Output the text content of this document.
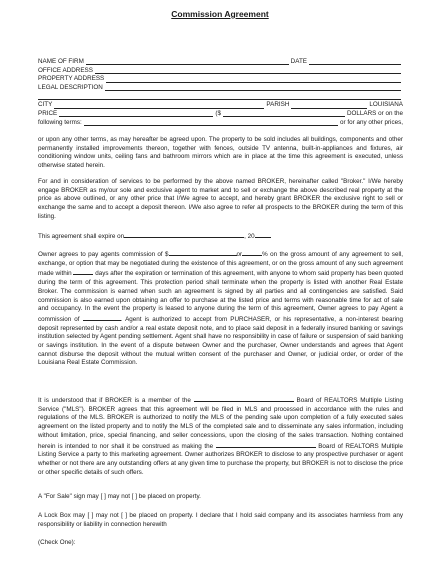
Commission Agreement
NAME OF FIRM	DATE
OFFICE ADDRESS
PROPERTY ADDRESS
LEGAL DESCRIPTION
CITY	PARISH	LOUISIANA
PRICE	($	DOLLARS or on the
following terms:	or for any other prices,

or upon any other terms, as may hereafter be agreed upon. The property to be sold includes all buildings, components and other permanently installed improvements thereon, together with fences, outside TV antenna, built-in-appliances and fixtures, air conditioning window units, ceiling fans and bathroom mirrors which are in place at the time this agreement is executed, unless otherwise stated herein.

For and in consideration of services to be performed by the above named BROKER, hereinafter called "Broker." I/We hereby engage BROKER as my/our sole and exclusive agent to market and to sell or exchange the above described real property at the price as above outlined, or any other price that I/We agree to accept, and hereby grant BROKER the exclusive right to sell or exchange the same and to accept a deposit thereon. I/We also agree to refer all prospects to the BROKER during the term of this listing.

This agreement shall expire on	, 20

Owner agrees to pay agents commission of $	or	% on the gross amount of any agreement to sell, exchange, or option that may be negotiated during the existence of this agreement, or on the gross amount of any such agreement made within	days after the expiration or termination of this agreement, with anyone to whom said property has been quoted during the term of this agreement. This protection period shall terminate when the property is listed with another Real Estate Broker. The commission is earned when such an agreement is signed by all parties and all contingencies are satisfied. Said commission is also earned upon obtaining an offer to purchase at the listed price and terms with reasonable time for act of sale and occupancy. In the event the property is leased to anyone during the term of this agreement, Owner agrees to pay Agent a commission of	. Agent is authorized to accept from PURCHASER, or his representative, a non-interest bearing deposit represented by cash and/or a real estate deposit note, and to place said deposit in a federally insured banking or savings institution selected by Agent pending settlement. Agent shall have no responsibility in case of failure or suspension of said banking or savings institution. In the event of a dispute between Owner and the purchaser, Owner understands and agrees that Agent cannot disburse the deposit without the mutual written consent of the purchaser and Owner, or judicial order, or order of the Louisiana Real Estate Commission.

It is understood that if BROKER is a member of the	Board of REALTORS Multiple Listing Service ("MLS"). BROKER agrees that this agreement will be filed in MLS and processed in accordance with the rules and regulations of the MLS. BROKER is authorized to notify the MLS of the pending sale upon completion of a fully executed sales agreement on the listed property and to notify the MLS of the completed sale and to disseminate any sales information, including without limitation, price, special financing, and seller concessions, upon the closing of the sales transaction. Nothing contained herein is intended to nor shall it be construed as making the	Board of REALTORS Multiple Listing Service a party to this marketing agreement. Owner authorizes BROKER to disclose to any prospective purchaser or agent whether or not there are any outstanding offers at any given time to purchase the property, but BROKER is not to disclose the price or other specific details of such offers.

A "For Sale" sign may [ ] may not [ ] be placed on property.

A Lock Box may [ ] may not [ ] be placed on property. I declare that I hold said company and its associates harmless from any responsibility or liability in connection herewith

(Check One):
